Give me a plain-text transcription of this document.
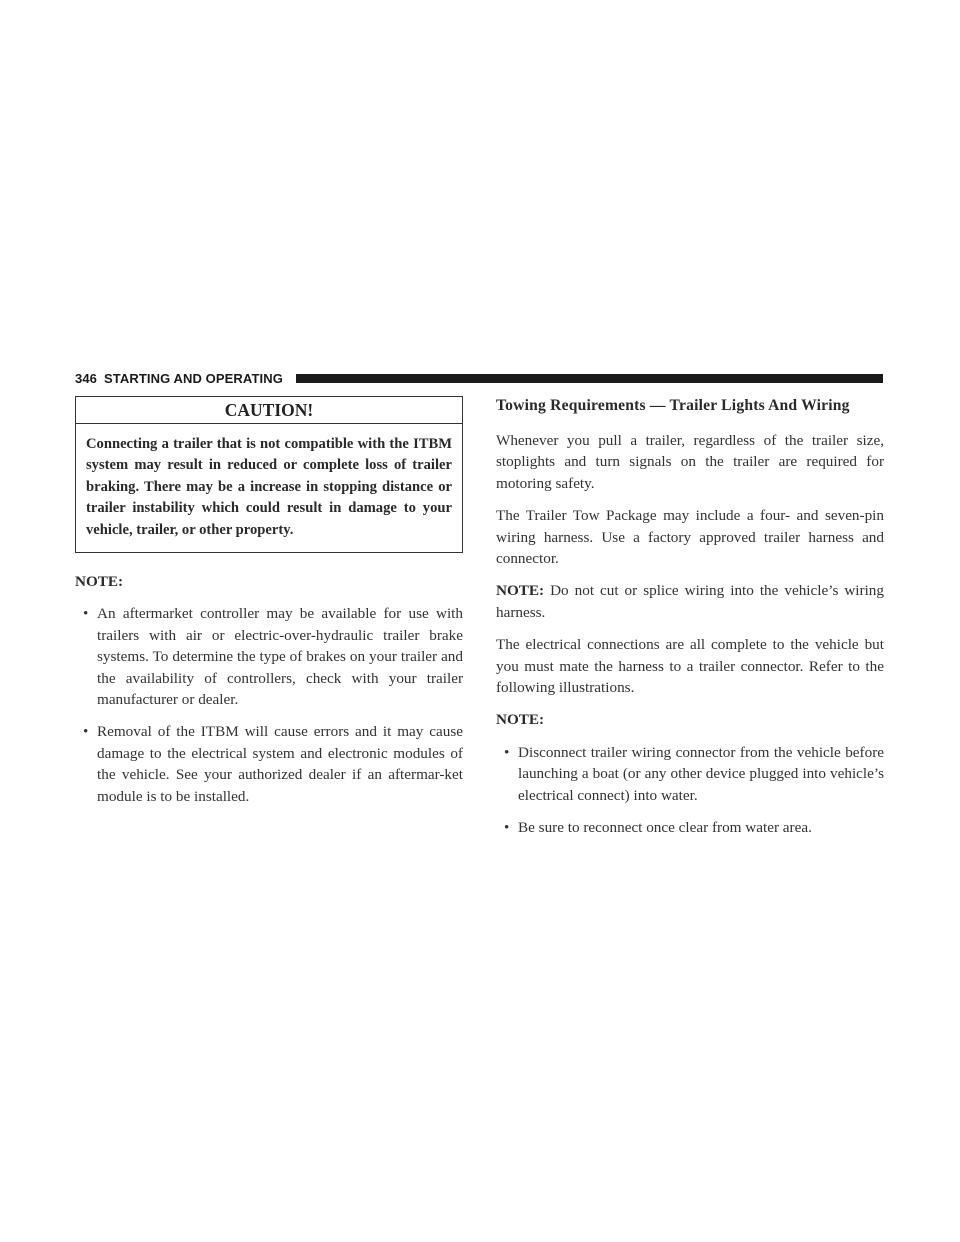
346 STARTING AND OPERATING
CAUTION!
Connecting a trailer that is not compatible with the ITBM system may result in reduced or complete loss of trailer braking. There may be a increase in stopping distance or trailer instability which could result in damage to your vehicle, trailer, or other property.
NOTE:
• An aftermarket controller may be available for use with trailers with air or electric-over-hydraulic trailer brake systems. To determine the type of brakes on your trailer and the availability of controllers, check with your trailer manufacturer or dealer.
• Removal of the ITBM will cause errors and it may cause damage to the electrical system and electronic modules of the vehicle. See your authorized dealer if an aftermar-ket module is to be installed.
Towing Requirements — Trailer Lights And Wiring

Whenever you pull a trailer, regardless of the trailer size, stoplights and turn signals on the trailer are required for motoring safety.

The Trailer Tow Package may include a four- and seven-pin wiring harness. Use a factory approved trailer harness and connector.

NOTE: Do not cut or splice wiring into the vehicle’s wiring harness.

The electrical connections are all complete to the vehicle but you must mate the harness to a trailer connector. Refer to the following illustrations.

NOTE:
• Disconnect trailer wiring connector from the vehicle before launching a boat (or any other device plugged into vehicle’s electrical connect) into water.
• Be sure to reconnect once clear from water area.
